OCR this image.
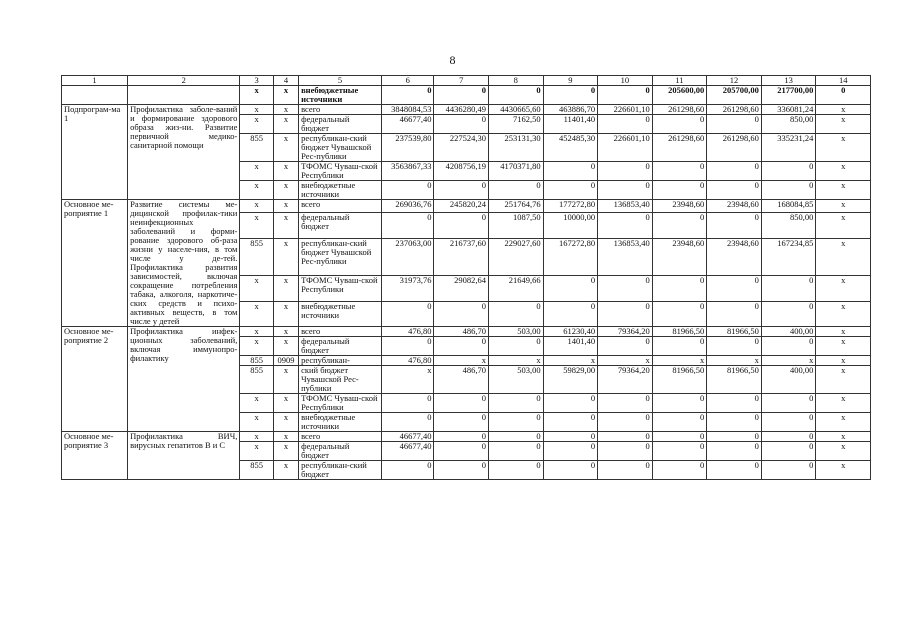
8
1	2	3	4	5	6	7	8	9	10	11	12	13	14
		x	x	внебюджетные источники	0	0	0	0	0	205600,00	205700,00	217700,00	0
Подпрограм-ма 1	Профилактика заболе-ваний и формирование здорового образа жиз-ни. Развитие первичной медико-санитарной помощи	x	x	всего	3848084,53	4436280,49	4430665,60	463886,70	226601,10	261298,60	261298,60	336081,24	x
		x	x	федеральный бюджет	46677,40	0	7162,50	11401,40	0	0	0	850,00	x
		855	x	республикан-ский бюджет Чувашской Рес-публики	237539,80	227524,30	253131,30	452485,30	226601,10	261298,60	261298,60	335231,24	x
		x	x	ТФОМС Чуваш-ской Республики	3563867,33	4208756,19	4170371,80	0	0	0	0	0	x
		x	x	внебюджетные источники	0	0	0	0	0	0	0	0	x
Основное ме-роприятие 1	Развитие системы ме-дицинской профилак-тики неинфекционных заболеваний и форми-рование здорового об-раза жизни у населе-ния, в том числе у де-тей. Профилактика развития зависимостей, включая сокращение потребления табака, алкоголя, наркотиче-ских средств и психо-активных веществ, в том числе у детей	x	x	всего	269036,76	245820,24	251764,76	177272,80	136853,40	23948,60	23948,60	168084,85	x
		x	x	федеральный бюджет	0	0	1087,50	10000,00	0	0	0	850,00	x
		855	x	республикан-ский бюджет Чувашской Рес-публики	237063,00	216737,60	229027,60	167272,80	136853,40	23948,60	23948,60	167234,85	x
		x	x	ТФОМС Чуваш-ской Республики	31973,76	29082,64	21649,66	0	0	0	0	0	x
		x	x	внебюджетные источники	0	0	0	0	0	0	0	0	x
Основное ме-роприятие 2	Профилактика инфек-ционных заболеваний, включая иммунопро-филактику	x	x	всего	476,80	486,70	503,00	61230,40	79364,20	81966,50	81966,50	400,00	x
		x	x	федеральный бюджет	0	0	0	1401,40	0	0	0	0	x
		855	0909	республикан-	476,80	x	x	x	x	x	x	x	x
		855	x	ский бюджет Чувашской Рес-публики	x	486,70	503,00	59829,00	79364,20	81966,50	81966,50	400,00	x
		x	x	ТФОМС Чуваш-ской Республики	0	0	0	0	0	0	0	0	x
		x	x	внебюджетные источники	0	0	0	0	0	0	0	0	x
Основное ме-роприятие 3	Профилактика ВИЧ, вирусных гепатитов В и С	x	x	всего	46677,40	0	0	0	0	0	0	0	x
		x	x	федеральный бюджет	46677,40	0	0	0	0	0	0	0	x
		855	x	республикан-ский бюджет	0	0	0	0	0	0	0	0	x
